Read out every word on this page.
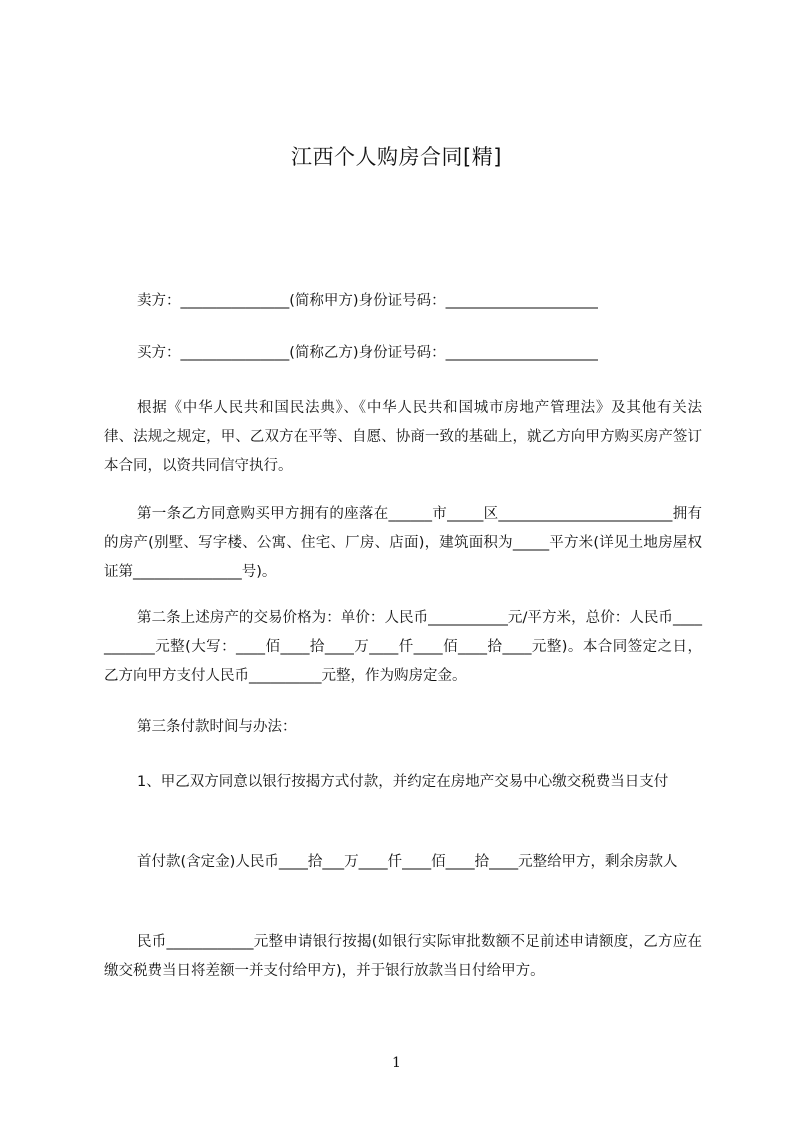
江西个人购房合同[精]

卖方：_______________(简称甲方)身份证号码：_____________________

买方：_______________(简称乙方)身份证号码：_____________________

根据《中华人民共和国民法典》、《中华人民共和国城市房地产管理法》及其他有关法律、法规之规定，甲、乙双方在平等、自愿、协商一致的基础上，就乙方向甲方购买房产签订本合同，以资共同信守执行。

第一条乙方同意购买甲方拥有的座落在______市_____区________________________拥有的房产(别墅、写字楼、公寓、住宅、厂房、店面)，建筑面积为_____平方米(详见土地房屋权证第_______________号)。

第二条上述房产的交易价格为：单价：人民币___________元/平方米，总价：人民币___________元整(大写：____佰____拾____万____仟____佰____拾____元整)。本合同签定之日，乙方向甲方支付人民币__________元整，作为购房定金。

第三条付款时间与办法：

1、甲乙双方同意以银行按揭方式付款，并约定在房地产交易中心缴交税费当日支付

首付款(含定金)人民币____拾___万____仟____佰____拾____元整给甲方，剩余房款人

民币____________元整申请银行按揭(如银行实际审批数额不足前述申请额度，乙方应在缴交税费当日将差额一并支付给甲方)，并于银行放款当日付给甲方。

1
